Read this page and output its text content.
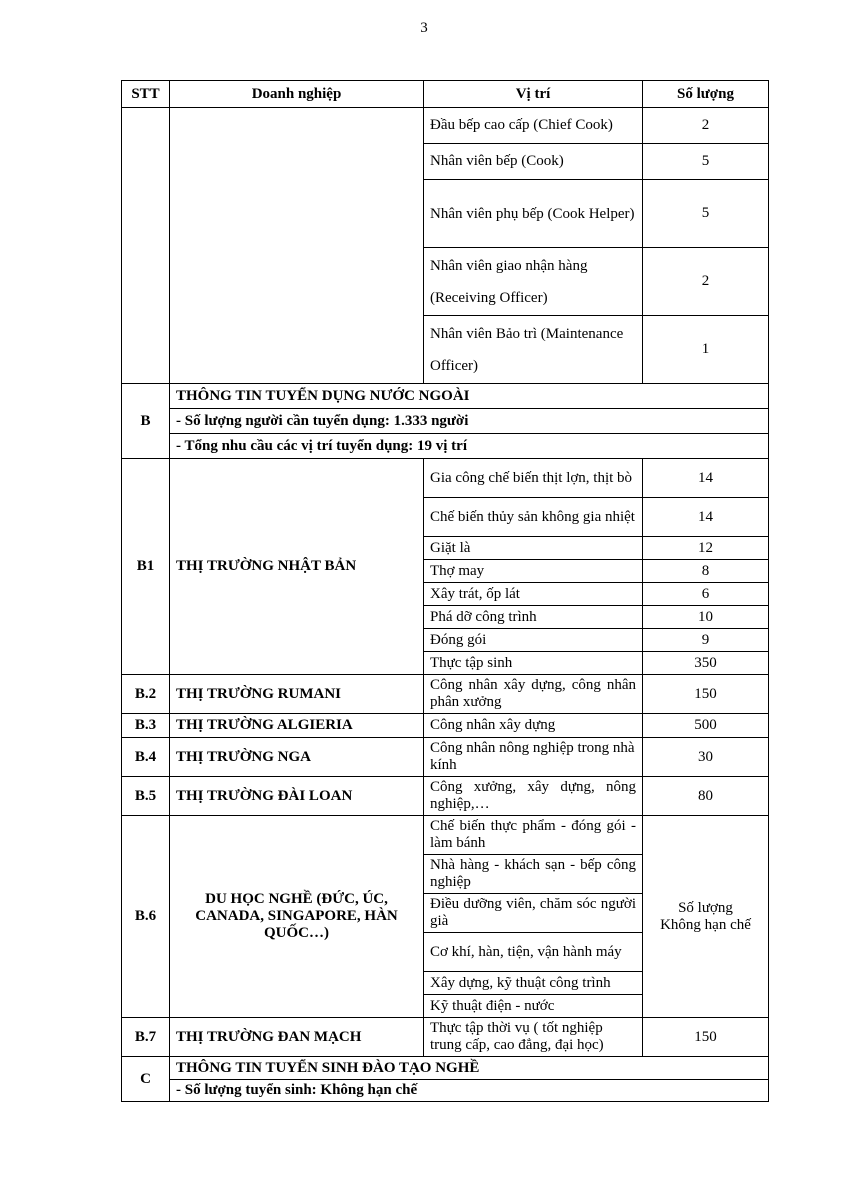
3
STT	Doanh nghiệp	Vị trí	Số lượng
		Đầu bếp cao cấp (Chief Cook)	2
		Nhân viên bếp (Cook)	5
		Nhân viên phụ bếp (Cook Helper)	5
		Nhân viên giao nhận hàng (Receiving Officer)	2
		Nhân viên Bảo trì (Maintenance Officer)	1
B	THÔNG TIN TUYỂN DỤNG NƯỚC NGOÀI		
	- Số lượng người cần tuyển dụng: 1.333 người		
	- Tổng nhu cầu các vị trí tuyển dụng: 19 vị trí		
B1	THỊ TRƯỜNG NHẬT BẢN	Gia công chế biến thịt lợn, thịt bò	14
		Chế biến thủy sản không gia nhiệt	14
		Giặt là	12
		Thợ may	8
		Xây trát, ốp lát	6
		Phá dỡ công trình	10
		Đóng gói	9
		Thực tập sinh	350
B.2	THỊ TRƯỜNG RUMANI	Công nhân xây dựng, công nhân phân xưởng	150
B.3	THỊ TRƯỜNG ALGIERIA	Công nhân xây dựng	500
B.4	THỊ TRƯỜNG NGA	Công nhân nông nghiệp trong nhà kính	30
B.5	THỊ TRƯỜNG ĐÀI LOAN	Công xưởng, xây dựng, nông nghiệp,…	80
B.6	DU HỌC NGHỀ (ĐỨC, ÚC, CANADA, SINGAPORE, HÀN QUỐC…)	Chế biến thực phẩm - đóng gói - làm bánh	Số lượng Không hạn chế
		Nhà hàng - khách sạn - bếp công nghiệp	
		Điều dưỡng viên, chăm sóc người già	
		Cơ khí, hàn, tiện, vận hành máy	
		Xây dựng, kỹ thuật công trình	
		Kỹ thuật điện - nước	
B.7	THỊ TRƯỜNG ĐAN MẠCH	Thực tập thời vụ ( tốt nghiệp trung cấp, cao đẳng, đại học)	150
C	THÔNG TIN TUYỂN SINH ĐÀO TẠO NGHỀ		
	- Số lượng tuyển sinh: Không hạn chế		
